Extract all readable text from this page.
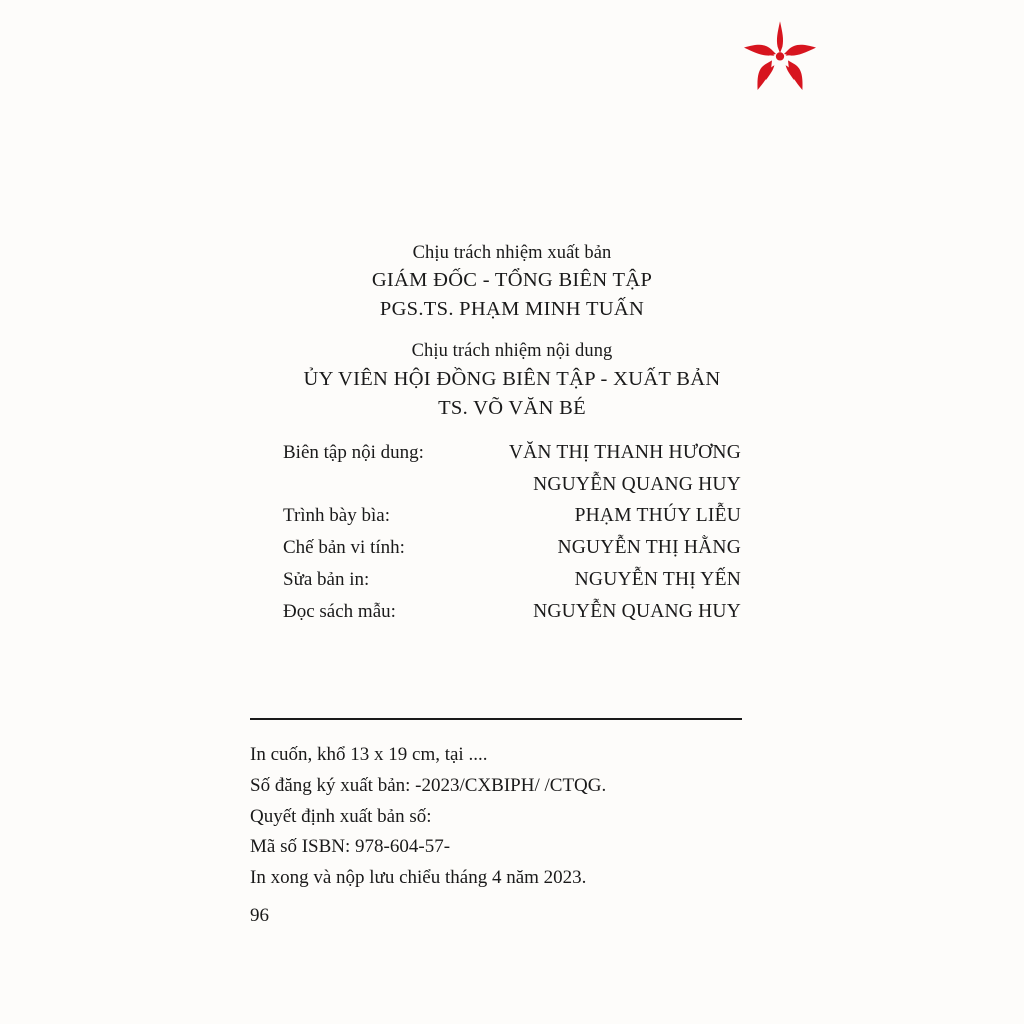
Chịu trách nhiệm xuất bản
GIÁM ĐỐC - TỔNG BIÊN TẬP
PGS.TS. PHẠM MINH TUẤN
Chịu trách nhiệm nội dung
ỦY VIÊN HỘI ĐỒNG BIÊN TẬP - XUẤT BẢN
TS. VÕ VĂN BÉ
Biên tập nội dung:	VĂN THỊ THANH HƯƠNG
NGUYỄN QUANG HUY
Trình bày bìa:	PHẠM THÚY LIỄU
Chế bản vi tính:	NGUYỄN THỊ HẰNG
Sửa bản in:	NGUYỄN THỊ YẾN
Đọc sách mẫu:	NGUYỄN QUANG HUY
In cuốn, khổ 13 x 19 cm, tại ....
Số đăng ký xuất bản: -2023/CXBIPH/ /CTQG.
Quyết định xuất bản số:
Mã số ISBN: 978-604-57-
In xong và nộp lưu chiểu tháng 4 năm 2023.
96
